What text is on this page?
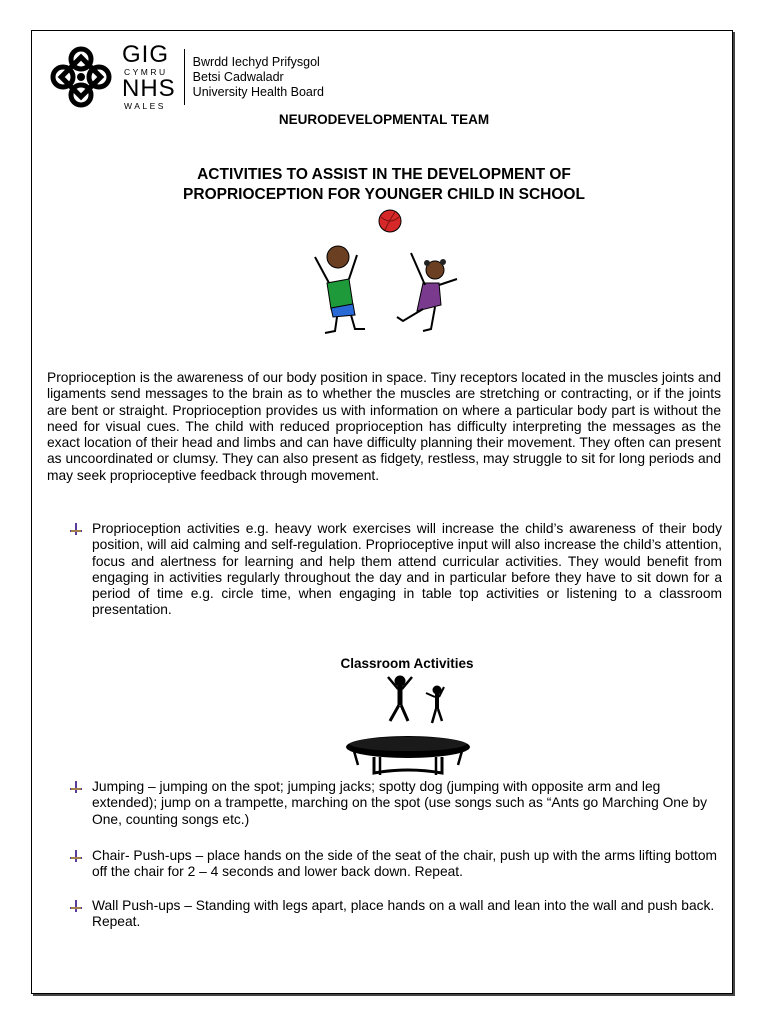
GIG
CYMRU
NHS
WALES
Bwrdd Iechyd Prifysgol
Betsi Cadwaladr
University Health Board
NEURODEVELOPMENTAL TEAM
ACTIVITIES TO ASSIST IN THE DEVELOPMENT OF
PROPRIOCEPTION FOR YOUNGER CHILD IN SCHOOL
Proprioception is the awareness of our body position in space. Tiny receptors located in the muscles joints and ligaments send messages to the brain as to whether the muscles are stretching or contracting, or if the joints are bent or straight. Proprioception provides us with information on where a particular body part is without the need for visual cues. The child with reduced proprioception has difficulty interpreting the messages as the exact location of their head and limbs and can have difficulty planning their movement. They often can present as uncoordinated or clumsy. They can also present as fidgety, restless, may struggle to sit for long periods and may seek proprioceptive feedback through movement.
Proprioception activities e.g. heavy work exercises will increase the child’s awareness of their body position, will aid calming and self-regulation. Proprioceptive input will also increase the child’s attention, focus and alertness for learning and help them attend curricular activities. They would benefit from engaging in activities regularly throughout the day and in particular before they have to sit down for a period of time e.g. circle time, when engaging in table top activities or listening to a classroom presentation.
Classroom Activities
Jumping – jumping on the spot; jumping jacks; spotty dog (jumping with opposite arm and leg extended); jump on a trampette, marching on the spot (use songs such as “Ants go Marching One by One, counting songs etc.)
Chair- Push-ups – place hands on the side of the seat of the chair, push up with the arms lifting bottom off the chair for 2 – 4 seconds and lower back down. Repeat.
Wall Push-ups – Standing with legs apart, place hands on a wall and lean into the wall and push back. Repeat.
